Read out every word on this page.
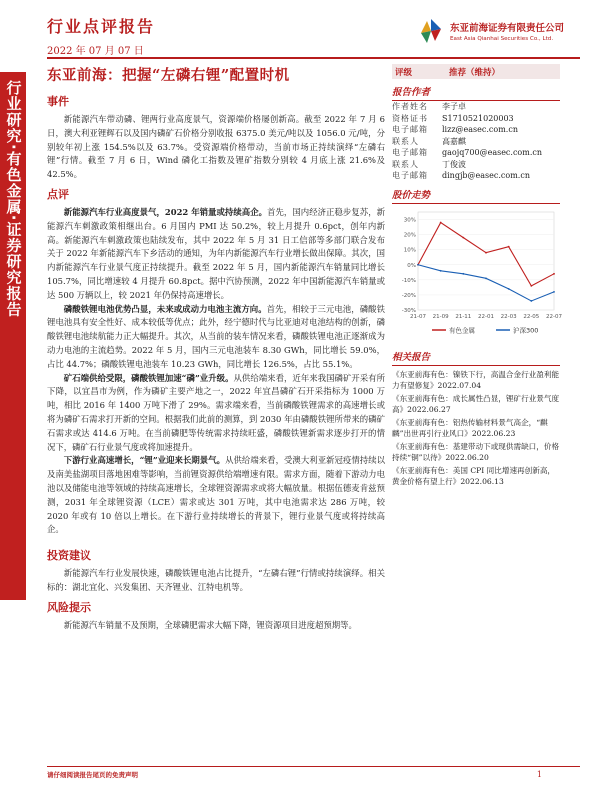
行业研究·有色金属·证券研究报告
行业点评报告
2022 年 07 月 07 日
东亚前海证券有限责任公司
East Asia Qianhai Securities Co., Ltd.
东亚前海：把握“左磷右锂”配置时机
事件

新能源汽车带动磷、锂两行业高度景气，资源端价格屡创新高。截至 2022 年 7 月 6 日，澳大利亚锂辉石以及国内磷矿石价格分别收报 6375.0 美元/吨以及 1056.0 元/吨，分别较年初上涨 154.5%以及 63.7%。受资源端价格带动，当前市场正持续演绎“左磷右锂”行情。截至 7 月 6 日，Wind 磷化工指数及锂矿指数分别较 4 月底上涨 21.6%及 42.5%。

点评

新能源汽车行业高度景气，2022 年销量或持续高企。首先，国内经济正稳步复苏，新能源汽车刺激政策相继出台。6 月国内 PMI 达 50.2%，较上月提升 0.6pct，创年内新高。新能源汽车刺激政策也陆续发布，其中 2022 年 5 月 31 日工信部等多部门联合发布关于 2022 年新能源汽车下乡活动的通知，为年内新能源汽车行业增长做出保障。其次，国内新能源汽车行业景气度正持续提升。截至 2022 年 5 月，国内新能源汽车销量同比增长 105.7%，同比增速较 4 月提升 60.8pct。据中汽协预测，2022 年中国新能源汽车销量或达 500 万辆以上，较 2021 年仍保持高速增长。

磷酸铁锂电池优势凸显，未来或成动力电池主流方向。首先，相较于三元电池，磷酸铁锂电池具有安全性好、成本较低等优点；此外，经宁德时代与比亚迪对电池结构的创新，磷酸铁锂电池续航能力正大幅提升。其次，从当前的装车情况来看，磷酸铁锂电池正逐渐成为动力电池的主流趋势。2022 年 5 月，国内三元电池装车 8.30 GWh，同比增长 59.0%，占比 44.7%；磷酸铁锂电池装车 10.23 GWh，同比增长 126.5%，占比 55.1%。

矿石端供给受限，磷酸铁锂加速“磷”业升级。从供给端来看，近年来我国磷矿开采有所下降，以宜昌市为例，作为磷矿主要产地之一，2022 年宜昌磷矿石开采指标为 1000 万吨，相比 2016 年 1400 万吨下滑了 29%。需求端来看，当前磷酸铁锂需求的高速增长或将为磷矿石需求打开新的空间。根据我们此前的测算，到 2030 年由磷酸铁锂所带来的磷矿石需求或达 414.6 万吨。在当前磷肥等传统需求持续旺盛，磷酸铁锂新需求逐步打开的情况下，磷矿石行业景气度或将加速提升。

下游行业高速增长，“锂”业迎来长期景气。从供给端来看，受澳大利亚新冠疫情持续以及南美盐湖项目落地困难等影响，当前锂资源供给端增速有限。需求方面，随着下游动力电池以及储能电池等领域的持续高速增长，全球锂资源需求或将大幅放量。根据伍德麦肯兹预测，2031 年全球锂资源（LCE）需求或达 301 万吨，其中电池需求达 286 万吨，较 2020 年或有 10 倍以上增长。在下游行业持续增长的背景下，锂行业景气度或将持续高企。

投资建议

新能源汽车行业发展快速，磷酸铁锂电池占比提升，“左磷右锂”行情或持续演绎。相关标的：湖北宜化、兴发集团、天齐锂业、江特电机等。

风险提示

新能源汽车销量不及预期，全球磷肥需求大幅下降，锂资源项目进度超预期等。

评级	推荐（维持）
报告作者
作者姓名	李子卓
资格证书	S1710521020003
电子邮箱	lizz@easec.com.cn
联系人	高嘉麒
电子邮箱	gaojq700@easec.com.cn
联系人	丁俊波
电子邮箱	dingjb@easec.com.cn
股价走势
-30%
-20%
-10%
0%
10%
20%
30%
21-07 21-09 21-11 22-01 22-03 22-05 22-07
有色金属	沪深300
相关报告
《东亚前海有色：镍铁下行，高温合金行业盈利能力有望修复》2022.07.04
《东亚前海有色：成长属性凸显，锂矿行业景气度高》2022.06.27
《东亚前海有色：铝热传输材料景气高企，“麒麟”出世再引行业风口》2022.06.23
《东亚前海有色：基建带动下或现供需缺口，价格持续“铜”以待》2022.06.20
《东亚前海有色：美国 CPI 同比增速再创新高，黄金价格有望上行》2022.06.13
请仔细阅读报告尾页的免责声明	1
